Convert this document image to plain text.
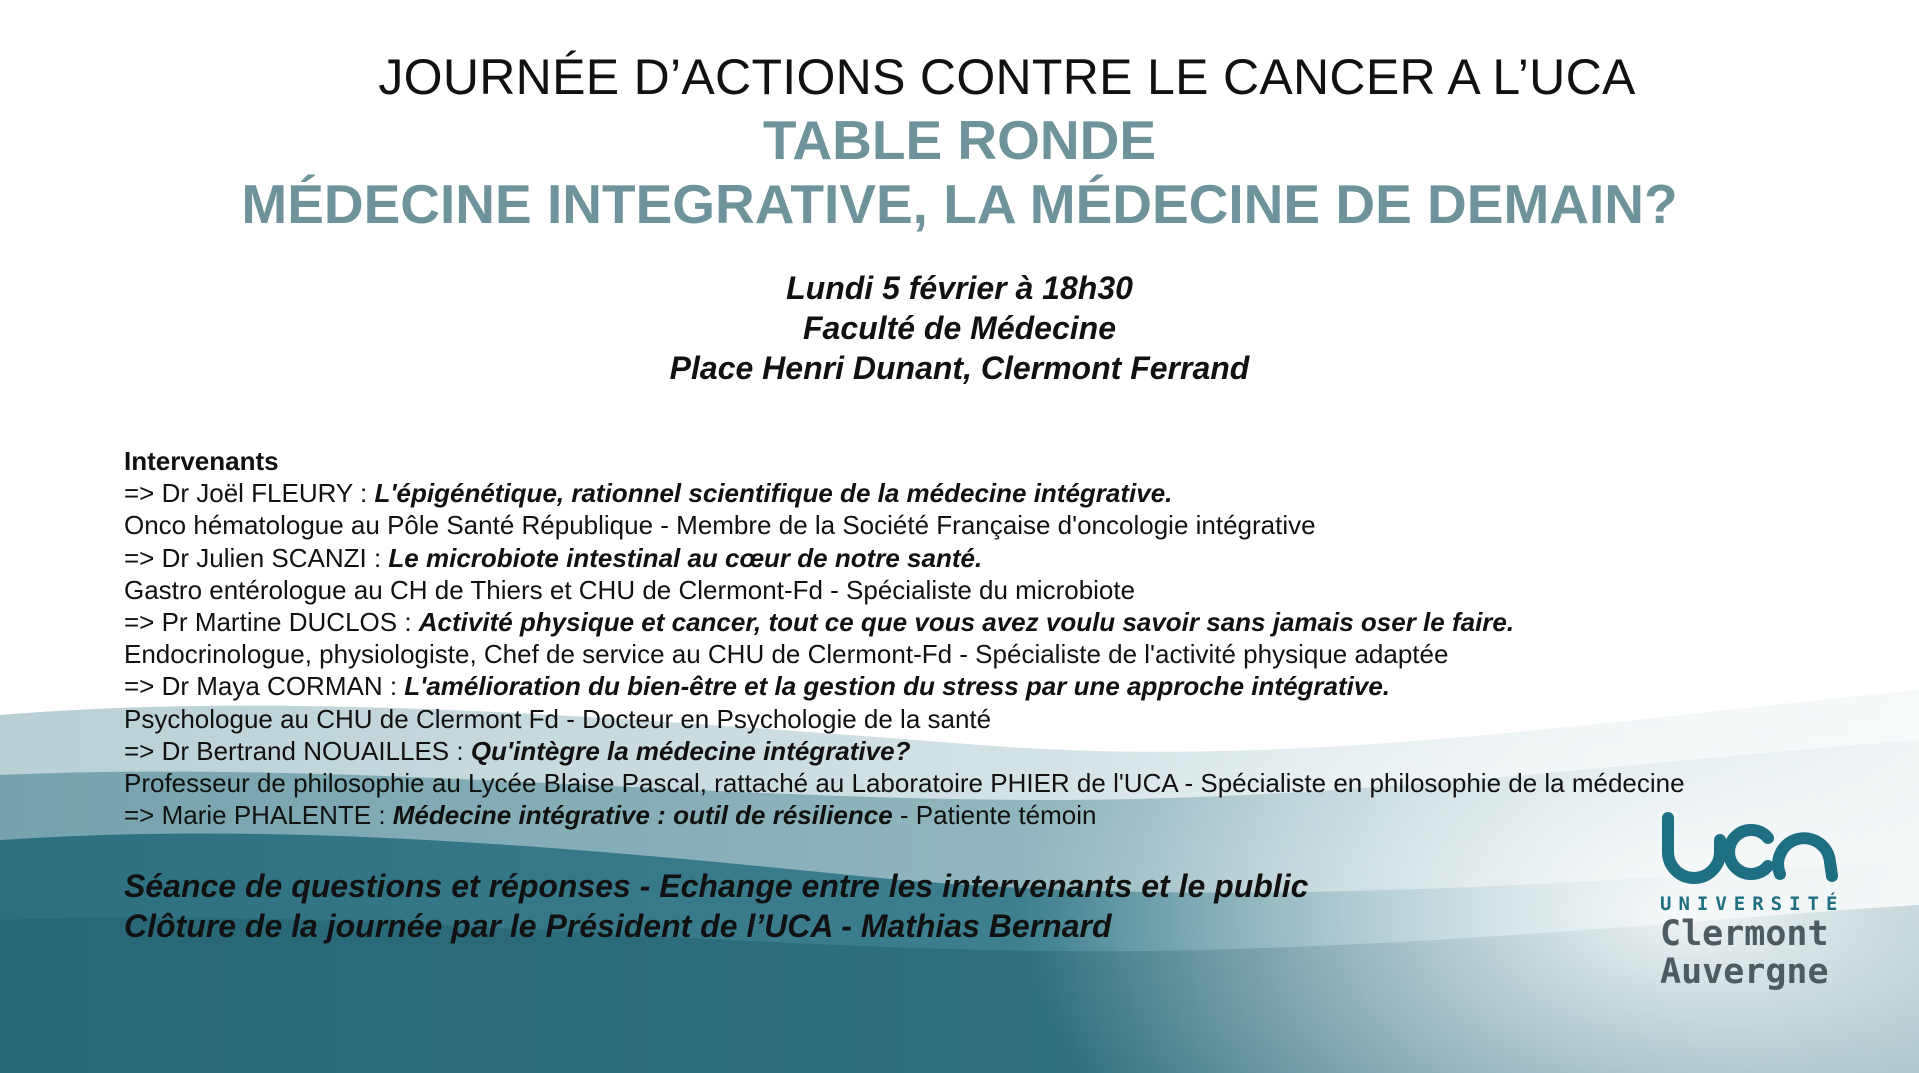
JOURNÉE D’ACTIONS CONTRE LE CANCER A L’UCA
TABLE RONDE
MÉDECINE INTEGRATIVE, LA MÉDECINE DE DEMAIN?
Lundi 5 février à 18h30
Faculté de Médecine
Place Henri Dunant, Clermont Ferrand
Intervenants
=> Dr Joël FLEURY : L'épigénétique, rationnel scientifique de la médecine intégrative.
Onco hématologue au Pôle Santé République - Membre de la Société Française d'oncologie intégrative
=> Dr Julien SCANZI : Le microbiote intestinal au cœur de notre santé.
Gastro entérologue au CH de Thiers et CHU de Clermont-Fd - Spécialiste du microbiote
=> Pr Martine DUCLOS : Activité physique et cancer, tout ce que vous avez voulu savoir sans jamais oser le faire.
Endocrinologue, physiologiste, Chef de service au CHU de Clermont-Fd - Spécialiste de l'activité physique adaptée
=> Dr Maya CORMAN : L'amélioration du bien-être et la gestion du stress par une approche intégrative.
Psychologue au CHU de Clermont Fd - Docteur en Psychologie de la santé
=> Dr Bertrand NOUAILLES : Qu'intègre la médecine intégrative?
Professeur de philosophie au Lycée Blaise Pascal, rattaché au Laboratoire PHIER de l'UCA - Spécialiste en philosophie de la médecine
=> Marie PHALENTE : Médecine intégrative : outil de résilience - Patiente témoin
Séance de questions et réponses - Echange entre les intervenants et le public
Clôture de la journée par le Président de l’UCA - Mathias Bernard
UNIVERSITÉ
Clermont
Auvergne
